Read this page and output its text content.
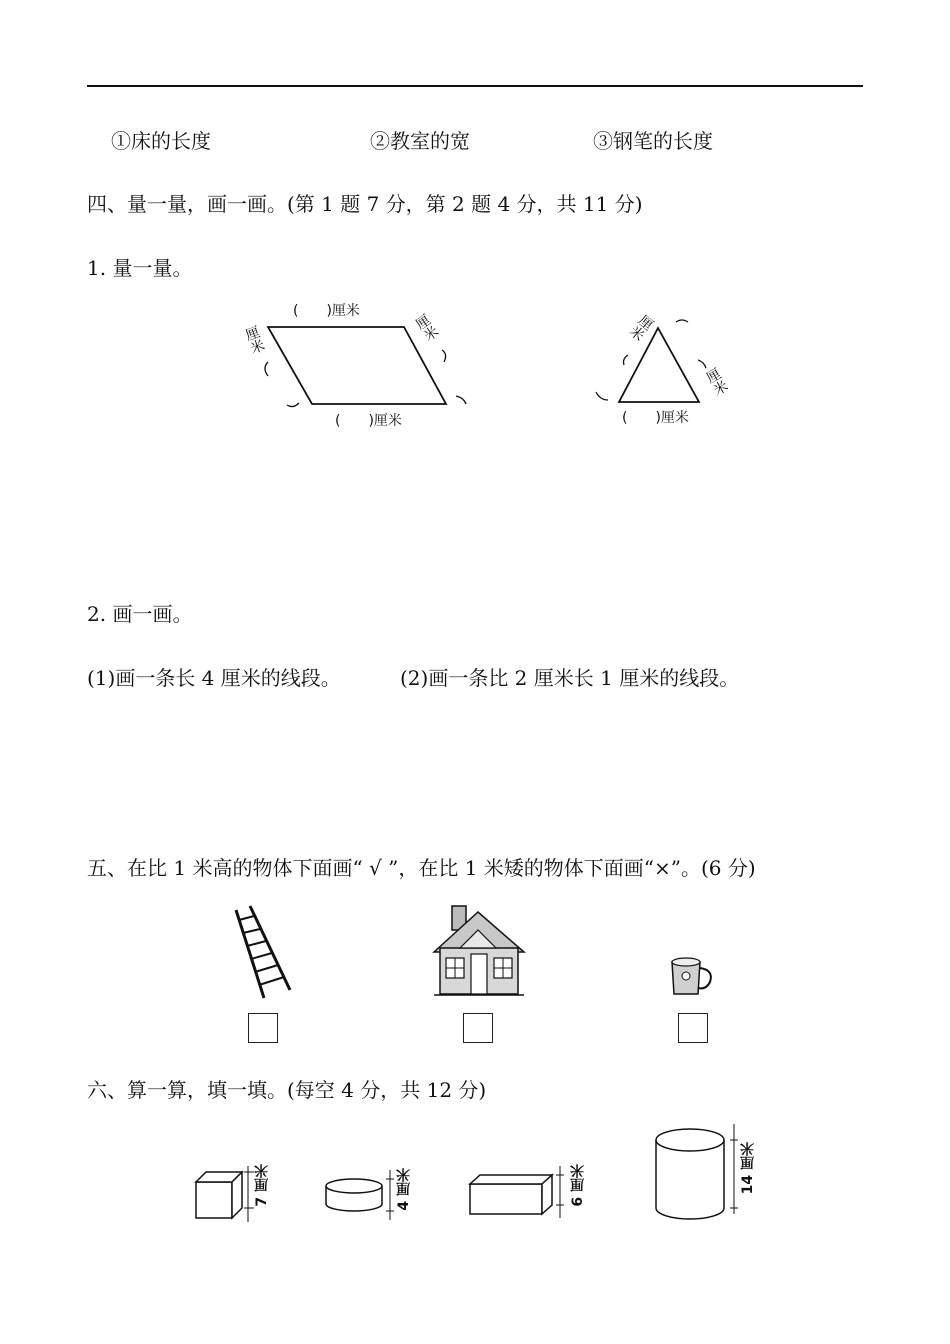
①床的长度	②教室的宽	③钢笔的长度
四、量一量，画一画。(第 1 题 7 分，第 2 题 4 分，共 11 分)
1. 量一量。
(　　)厘米
(　　)厘米
厘米	厘米
(　　)厘米
厘米
厘米
2. 画一画。
(1)画一条长 4 厘米的线段。	(2)画一条比 2 厘米长 1 厘米的线段。
五、在比 1 米高的物体下面画“ √ ”，在比 1 米矮的物体下面画“×”。(6 分)
六、算一算，填一填。(每空 4 分，共 12 分)
7 厘米	4 厘米	6 厘米	14 厘米
